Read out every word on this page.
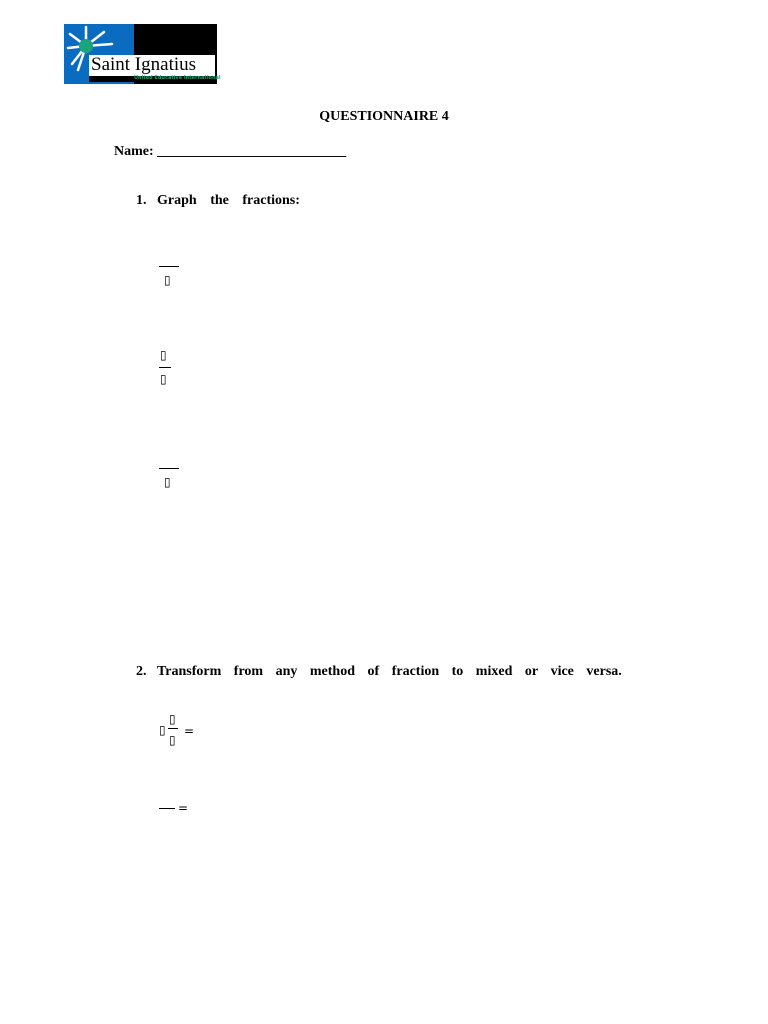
Saint Ignatius
United Educative International
QUESTIONNAIRE 4
Name: ___________________________
1. Graph the fractions:
▯
▯
▯
▯
2. Transform from any method of fraction to mixed or vice versa.
▯
▯
▯
=
=
